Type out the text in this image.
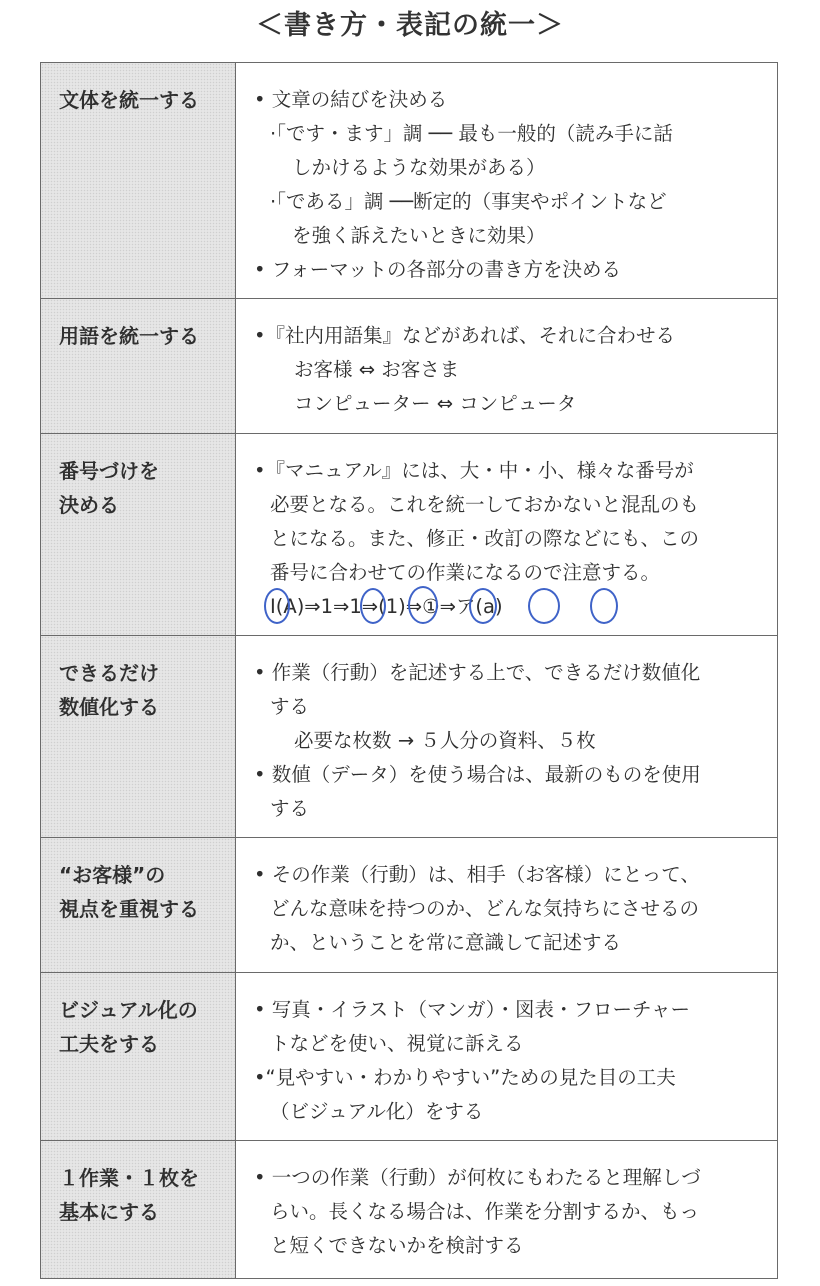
＜書き方・表記の統一＞
文体を統一する	• 文章の結びを決める
·「です・ます」調 ── 最も一般的（読み手に話
しかけるような効果がある）
·「である」調 ──断定的（事実やポイントなど
を強く訴えたいときに効果）
• フォーマットの各部分の書き方を決める
用語を統一する	•『社内用語集』などがあれば、それに合わせる
お客様 ⇔ お客さま
コンピューター ⇔ コンピュータ
番号づけを
決める
•『マニュアル』には、大・中・小、様々な番号が
必要となる。これを統一しておかないと混乱のも
とになる。また、修正・改訂の際などにも、この
番号に合わせての作業になるので注意する。
Ⅰ(A)⇒1⇒1⇒(1)⇒①⇒ア(a)
できるだけ
数値化する
• 作業（行動）を記述する上で、できるだけ数値化
する
必要な枚数 → ５人分の資料、５枚
• 数値（データ）を使う場合は、最新のものを使用
する
“お客様”の
視点を重視する
• その作業（行動）は、相手（お客様）にとって、
どんな意味を持つのか、どんな気持ちにさせるの
か、ということを常に意識して記述する
ビジュアル化の
工夫をする
• 写真・イラスト（マンガ）・図表・フローチャー
トなどを使い、視覚に訴える
•“見やすい・わかりやすい”ための見た目の工夫
（ビジュアル化）をする
１作業・１枚を
基本にする
• 一つの作業（行動）が何枚にもわたると理解しづ
らい。長くなる場合は、作業を分割するか、もっ
と短くできないかを検討する
